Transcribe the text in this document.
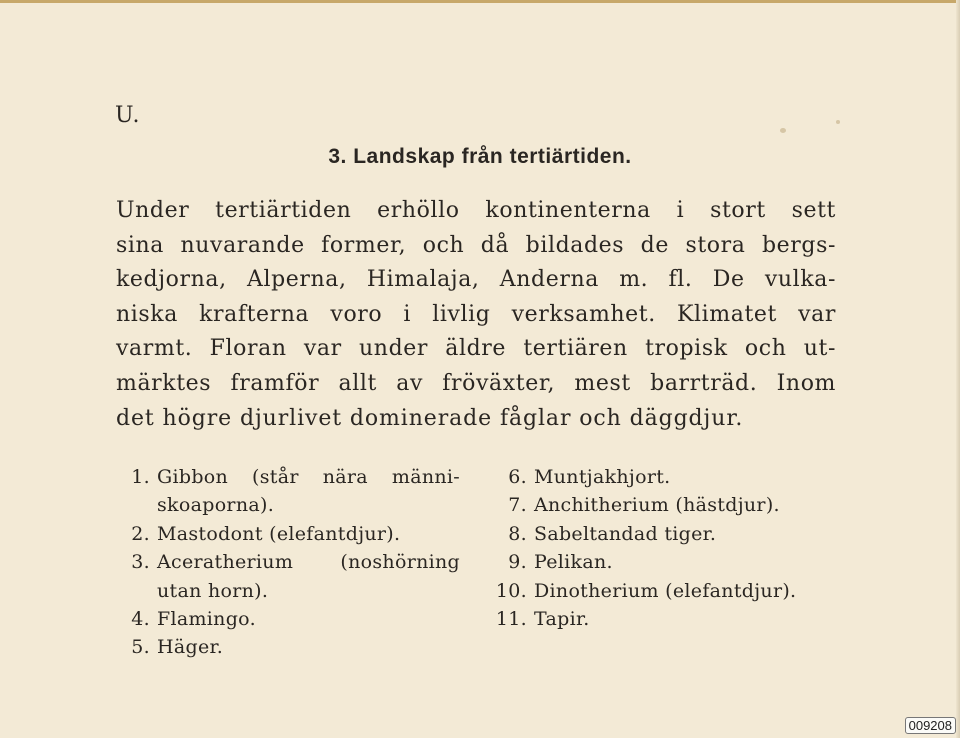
U.
3. Landskap från tertiärtiden.
Under tertiärtiden erhöllo kontinenterna i stort sett
sina nuvarande former, och då bildades de stora bergs-
kedjorna, Alperna, Himalaja, Anderna m. fl. De vulka-
niska krafterna voro i livlig verksamhet. Klimatet var
varmt. Floran var under äldre tertiären tropisk och ut-
märktes framför allt av fröväxter, mest barrträd. Inom
det högre djurlivet dominerade fåglar och däggdjur.
1. Gibbon (står nära männi-
skoaporna).
2. Mastodont (elefantdjur).
3. Aceratherium (noshörning
utan horn).
4. Flamingo.
5. Häger.
6. Muntjakhjort.
7. Anchitherium (hästdjur).
8. Sabeltandad tiger.
9. Pelikan.
10. Dinotherium (elefantdjur).
11. Tapir.
009208
